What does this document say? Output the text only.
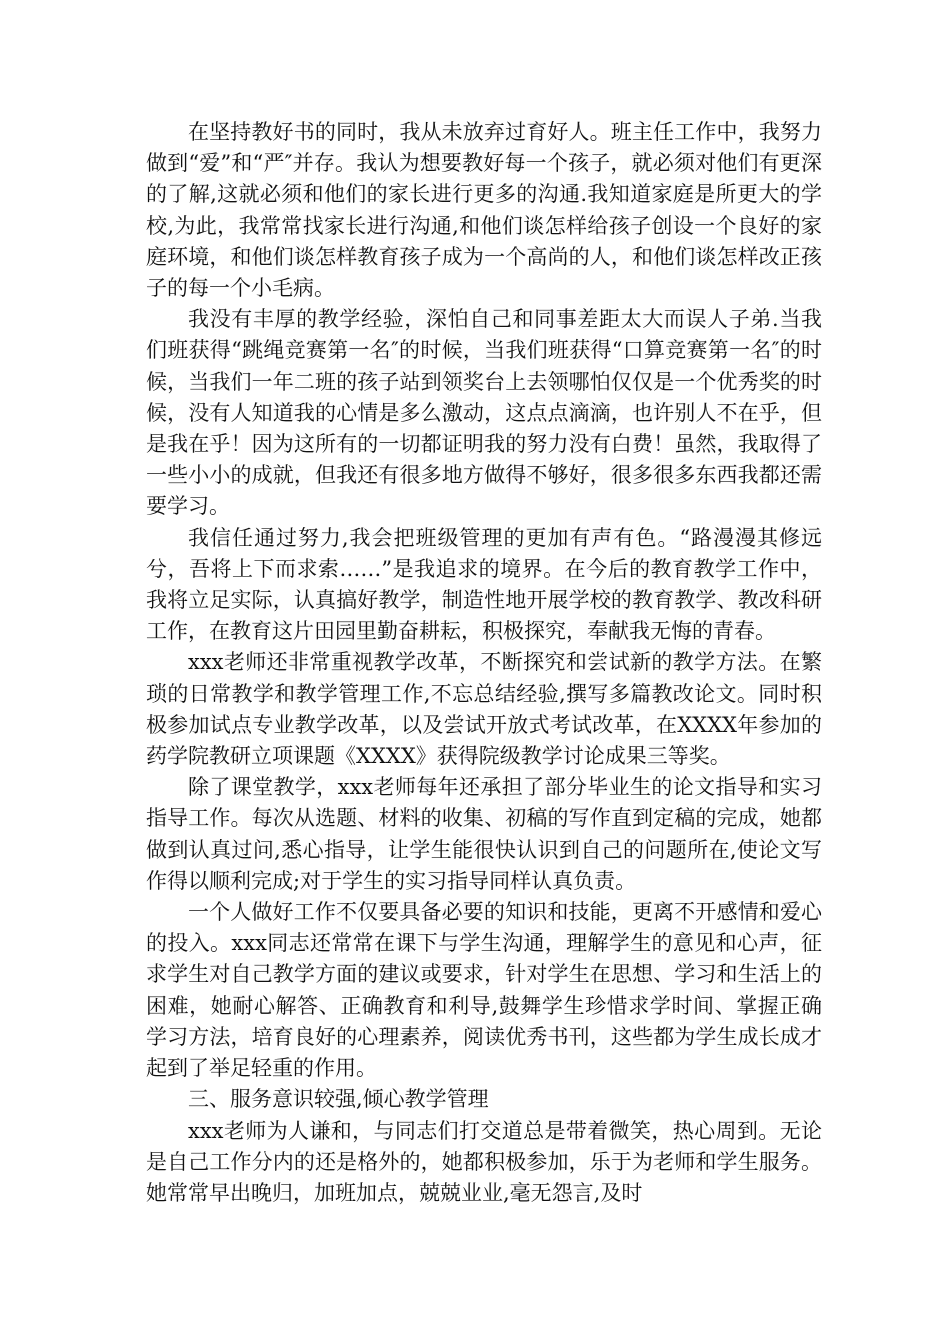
在坚持教好书的同时，我从未放弃过育好人。班主任工作中，我努力做到“爱”和“严″并存。我认为想要教好每一个孩子，就必须对他们有更深的了解,这就必须和他们的家长进行更多的沟通.我知道家庭是所更大的学校,为此，我常常找家长进行沟通,和他们谈怎样给孩子创设一个良好的家庭环境，和他们谈怎样教育孩子成为一个高尚的人，和他们谈怎样改正孩子的每一个小毛病。

我没有丰厚的教学经验，深怕自己和同事差距太大而误人子弟.当我们班获得“跳绳竞赛第一名″的时候，当我们班获得“口算竞赛第一名″的时候，当我们一年二班的孩子站到领奖台上去领哪怕仅仅是一个优秀奖的时候，没有人知道我的心情是多么激动，这点点滴滴，也许别人不在乎，但是我在乎！因为这所有的一切都证明我的努力没有白费！虽然，我取得了一些小小的成就，但我还有很多地方做得不够好，很多很多东西我都还需要学习。

我信任通过努力,我会把班级管理的更加有声有色。“路漫漫其修远兮，吾将上下而求索……”是我追求的境界。在今后的教育教学工作中，我将立足实际，认真搞好教学，制造性地开展学校的教育教学、教改科研工作，在教育这片田园里勤奋耕耘，积极探究，奉献我无悔的青春。

xxx老师还非常重视教学改革，不断探究和尝试新的教学方法。在繁琐的日常教学和教学管理工作,不忘总结经验,撰写多篇教改论文。同时积极参加试点专业教学改革，以及尝试开放式考试改革，在XXXX年参加的药学院教研立项课题《XXXX》获得院级教学讨论成果三等奖。

除了课堂教学，xxx老师每年还承担了部分毕业生的论文指导和实习指导工作。每次从选题、材料的收集、初稿的写作直到定稿的完成，她都做到认真过问,悉心指导，让学生能很快认识到自己的问题所在,使论文写作得以顺利完成;对于学生的实习指导同样认真负责。

一个人做好工作不仅要具备必要的知识和技能，更离不开感情和爱心的投入。xxx同志还常常在课下与学生沟通，理解学生的意见和心声，征求学生对自己教学方面的建议或要求，针对学生在思想、学习和生活上的困难，她耐心解答、正确教育和利导,鼓舞学生珍惜求学时间、掌握正确学习方法，培育良好的心理素养，阅读优秀书刊，这些都为学生成长成才起到了举足轻重的作用。

三、服务意识较强,倾心教学管理

xxx老师为人谦和，与同志们打交道总是带着微笑，热心周到。无论是自己工作分内的还是格外的，她都积极参加，乐于为老师和学生服务。她常常早出晚归，加班加点，兢兢业业,毫无怨言,及时
